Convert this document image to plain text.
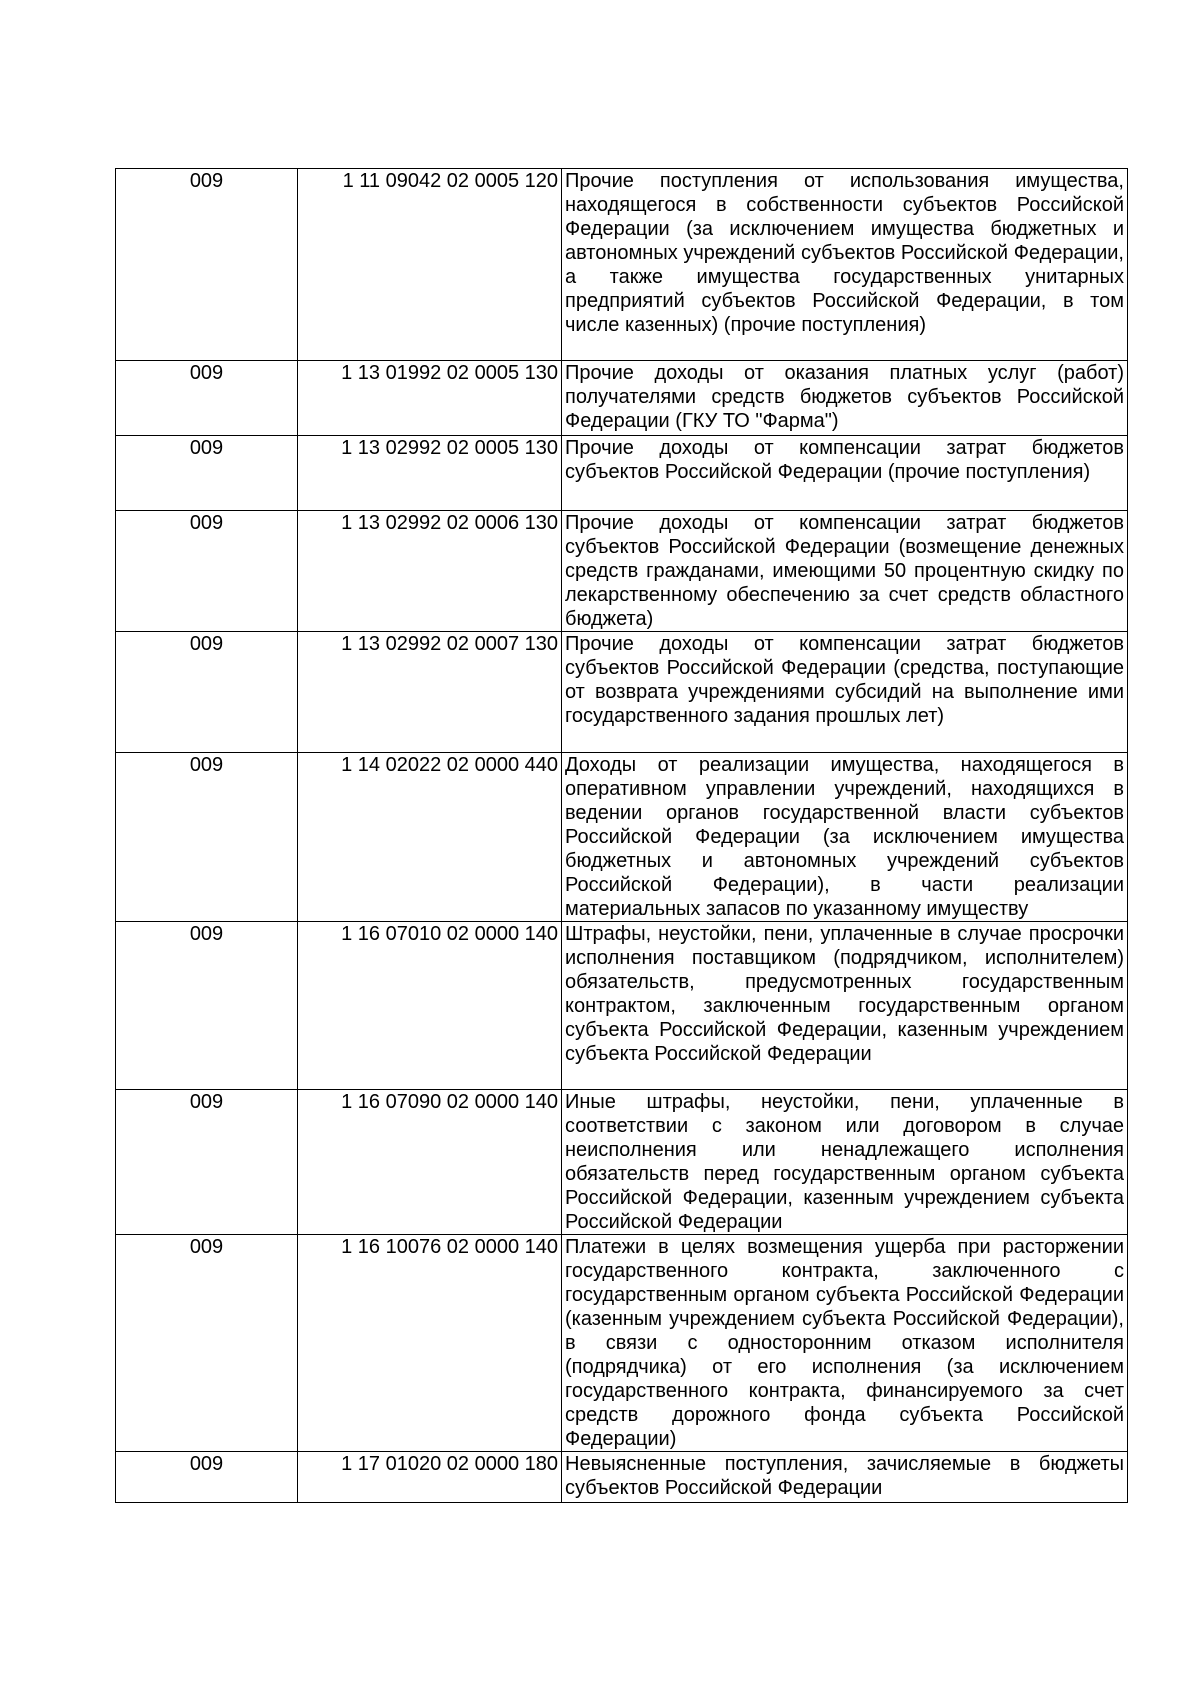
009	1 11 09042 02 0005 120	Прочие поступления от использования имущества, находящегося в собственности субъектов Российской Федерации (за исключением имущества бюджетных и автономных учреждений субъектов Российской Федерации, а также имущества государственных унитарных предприятий субъектов Российской Федерации, в том числе казенных) (прочие поступления)
009	1 13 01992 02 0005 130	Прочие доходы от оказания платных услуг (работ) получателями средств бюджетов субъектов Российской Федерации (ГКУ ТО "Фарма")
009	1 13 02992 02 0005 130	Прочие доходы от компенсации затрат бюджетов субъектов Российской Федерации (прочие поступления)
009	1 13 02992 02 0006 130	Прочие доходы от компенсации затрат бюджетов субъектов Российской Федерации (возмещение денежных средств гражданами, имеющими 50 процентную скидку по лекарственному обеспечению за счет средств областного бюджета)
009	1 13 02992 02 0007 130	Прочие доходы от компенсации затрат бюджетов субъектов Российской Федерации (средства, поступающие от возврата учреждениями субсидий на выполнение ими государственного задания прошлых лет)
009	1 14 02022 02 0000 440	Доходы от реализации имущества, находящегося в оперативном управлении учреждений, находящихся в ведении органов государственной власти субъектов Российской Федерации (за исключением имущества бюджетных и автономных учреждений субъектов Российской Федерации), в части реализации материальных запасов по указанному имуществу
009	1 16 07010 02 0000 140	Штрафы, неустойки, пени, уплаченные в случае просрочки исполнения поставщиком (подрядчиком, исполнителем) обязательств, предусмотренных государственным контрактом, заключенным государственным органом субъекта Российской Федерации, казенным учреждением субъекта Российской Федерации
009	1 16 07090 02 0000 140	Иные штрафы, неустойки, пени, уплаченные в соответствии с законом или договором в случае неисполнения или ненадлежащего исполнения обязательств перед государственным органом субъекта Российской Федерации, казенным учреждением субъекта Российской Федерации
009	1 16 10076 02 0000 140	Платежи в целях возмещения ущерба при расторжении государственного контракта, заключенного с государственным органом субъекта Российской Федерации (казенным учреждением субъекта Российской Федерации), в связи с односторонним отказом исполнителя (подрядчика) от его исполнения (за исключением государственного контракта, финансируемого за счет средств дорожного фонда субъекта Российской Федерации)
009	1 17 01020 02 0000 180	Невыясненные поступления, зачисляемые в бюджеты субъектов Российской Федерации
